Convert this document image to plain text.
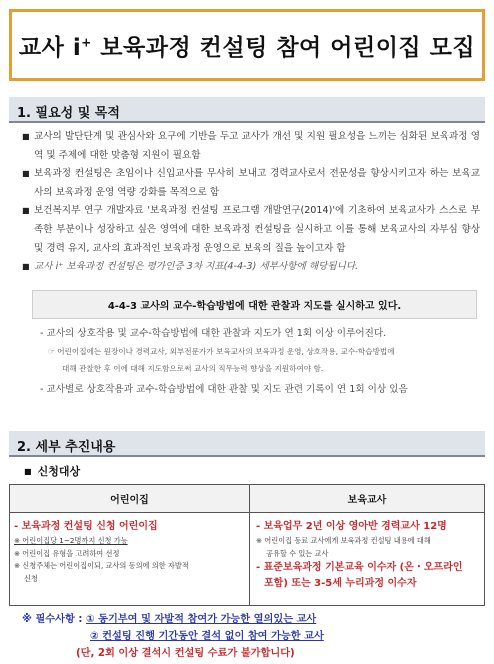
교사 i+ 보육과정 컨설팅 참여 어린이집 모집
1. 필요성 및 목적
■ 교사의 발단단계 및 관심사와 요구에 기반을 두고 교사가 개선 및 지원 필요성을 느끼는 심화된 보육과정 영역 및 주제에 대한 맞춤형 지원이 필요함
■ 보육과정 컨설팅은 초임이나 신입교사를 무사히 보내고 경력교사로서 전문성을 향상시키고자 하는 보육교사의 보육과정 운영 역량 강화를 목적으로 함
■ 보건복지부 연구 개발자료 '보육과정 컨설팅 프로그램 개발연구(2014)'에 기초하여 보육교사가 스스로 부족한 부분이나 성장하고 싶은 영역에 대한 보육과정 컨설팅을 실시하고 이를 통해 보육교사의 자부심 향상 및 경력 유지, 교사의 효과적인 보육과정 운영으로 보육의 질을 높이고자 함
■ 교사 i⁺ 보육과정 컨설팅은 평가인증 3차 지표(4-4-3) 세부사항에 해당됩니다.
4-4-3 교사의 교수-학습방법에 대한 관찰과 지도를 실시하고 있다.
- 교사의 상호작용 및 교수-학습방법에 대한 관찰과 지도가 연 1회 이상 이루어진다.
☞ 어린이집에는 원장이나 경력교사, 외부전문가가 보육교사의 보육과정 운영, 상호작용, 교수-학습방법에
대해 관찰한 후 이에 대해 지도함으로써 교사의 직무능력 향상을 지원하여야 함.
- 교사별로 상호작용과 교수-학습방법에 대한 관찰 및 지도 관련 기록이 연 1회 이상 있음
2. 세부 추진내용
■ 신청대상
어린이집	보육교사
- 보육과정 컨설팅 신청 어린이집
※ 어린이집당 1~2명까지 신청 가능
※ 어린이집 유형을 고려하여 선정
※ 신청주체는 어린이집이되, 교사의 동의에 의한 자발적
신청
- 보육업무 2년 이상 영아반 경력교사 12명
※ 어린이집 동료 교사에게 보육과정 컨설팅 내용에 대해
공유할 수 있는 교사
- 표준보육과정 기본교육 이수자 (온・오프라인
포함) 또는 3-5세 누리과정 이수자
※ 필수사항 : ① 동기부여 및 자발적 참여가 가능한 열의있는 교사
② 컨설팅 진행 기간동안 결석 없이 참여 가능한 교사
(단, 2회 이상 결석시 컨설팅 수료가 불가합니다)
